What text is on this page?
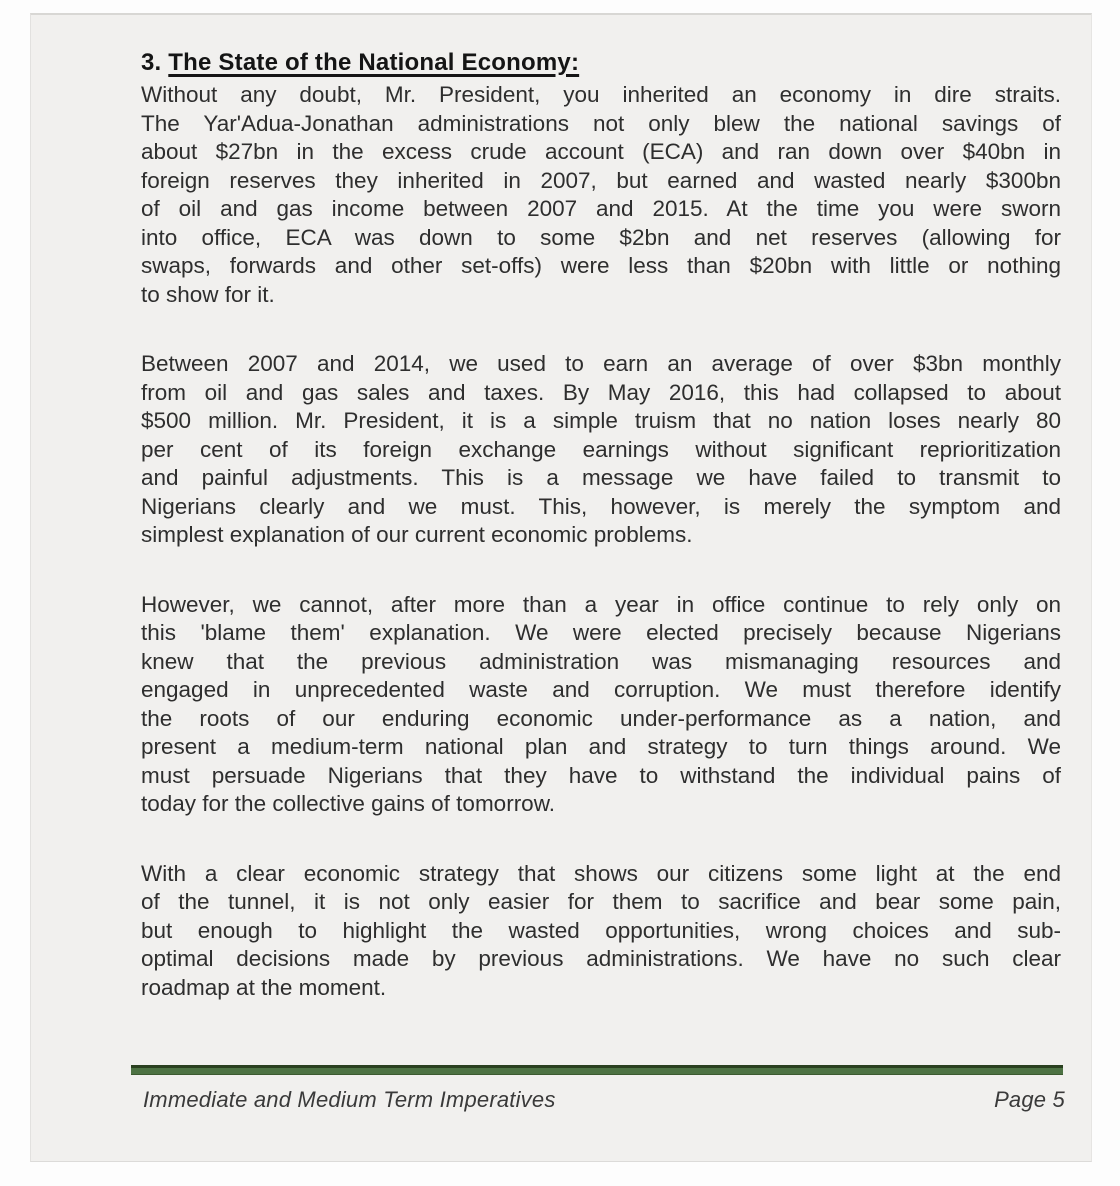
3. The State of the National Economy:
Without any doubt, Mr. President, you inherited an economy in dire straits.
The Yar'Adua-Jonathan administrations not only blew the national savings of
about $27bn in the excess crude account (ECA) and ran down over $40bn in
foreign reserves they inherited in 2007, but earned and wasted nearly $300bn
of oil and gas income between 2007 and 2015. At the time you were sworn
into office, ECA was down to some $2bn and net reserves (allowing for
swaps, forwards and other set-offs) were less than $20bn with little or nothing
to show for it.
Between 2007 and 2014, we used to earn an average of over $3bn monthly
from oil and gas sales and taxes. By May 2016, this had collapsed to about
$500 million. Mr. President, it is a simple truism that no nation loses nearly 80
per cent of its foreign exchange earnings without significant reprioritization
and painful adjustments. This is a message we have failed to transmit to
Nigerians clearly and we must. This, however, is merely the symptom and
simplest explanation of our current economic problems.
However, we cannot, after more than a year in office continue to rely only on
this 'blame them' explanation. We were elected precisely because Nigerians
knew that the previous administration was mismanaging resources and
engaged in unprecedented waste and corruption. We must therefore identify
the roots of our enduring economic under-performance as a nation, and
present a medium-term national plan and strategy to turn things around. We
must persuade Nigerians that they have to withstand the individual pains of
today for the collective gains of tomorrow.
With a clear economic strategy that shows our citizens some light at the end
of the tunnel, it is not only easier for them to sacrifice and bear some pain,
but enough to highlight the wasted opportunities, wrong choices and sub-
optimal decisions made by previous administrations. We have no such clear
roadmap at the moment.
Immediate and Medium Term Imperatives	Page 5
